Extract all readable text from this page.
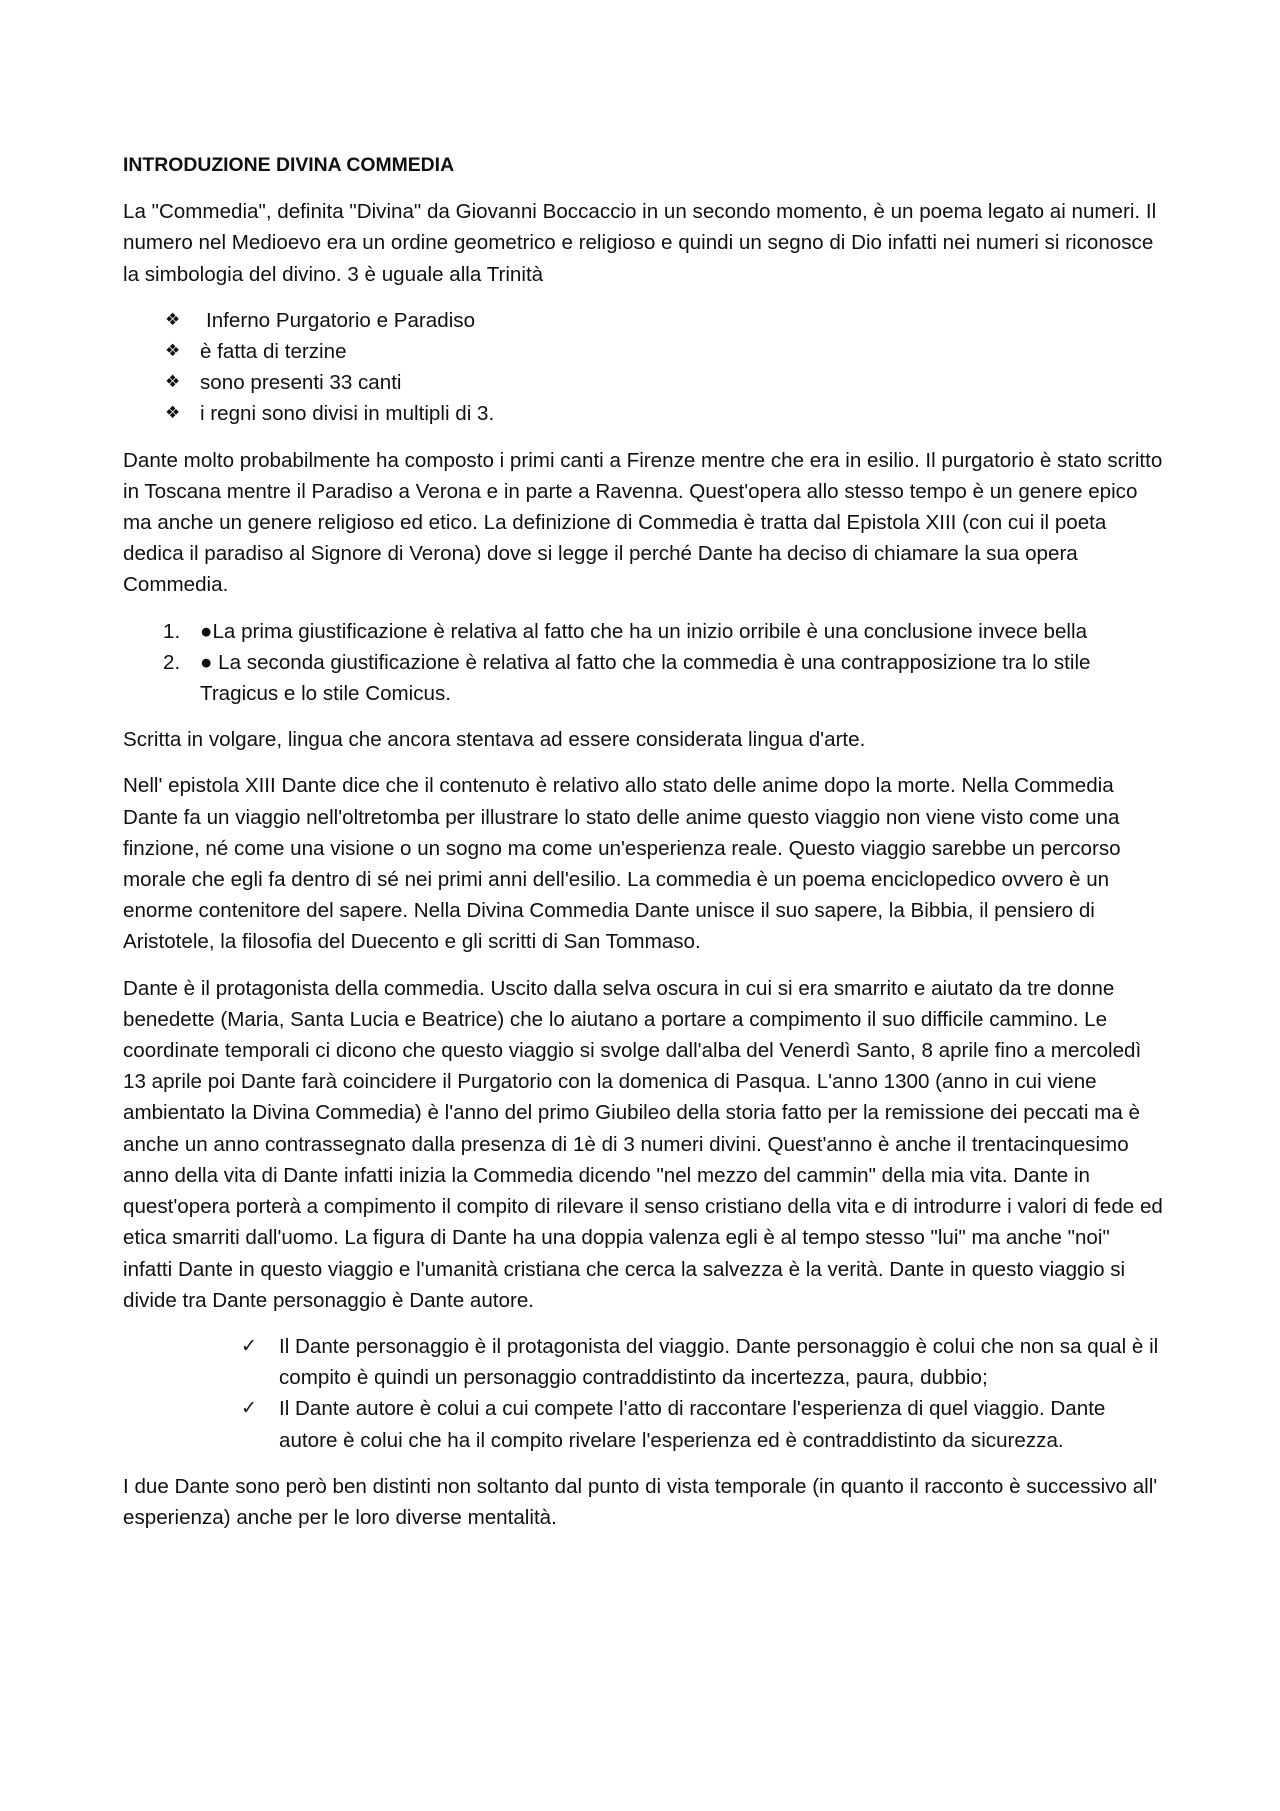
INTRODUZIONE DIVINA COMMEDIA

La "Commedia", definita "Divina" da Giovanni Boccaccio in un secondo momento, è un poema legato ai numeri. Il numero nel Medioevo era un ordine geometrico e religioso e quindi un segno di Dio infatti nei numeri si riconosce la simbologia del divino. 3 è uguale alla Trinità

❖ Inferno Purgatorio e Paradiso
❖ è fatta di terzine
❖ sono presenti 33 canti
❖ i regni sono divisi in multipli di 3.

Dante molto probabilmente ha composto i primi canti a Firenze mentre che era in esilio. Il purgatorio è stato scritto in Toscana mentre il Paradiso a Verona e in parte a Ravenna. Quest'opera allo stesso tempo è un genere epico ma anche un genere religioso ed etico. La definizione di Commedia è tratta dal Epistola XIII (con cui il poeta dedica il paradiso al Signore di Verona) dove si legge il perché Dante ha deciso di chiamare la sua opera Commedia.

1. ●La prima giustificazione è relativa al fatto che ha un inizio orribile è una conclusione invece bella
2. ● La seconda giustificazione è relativa al fatto che la commedia è una contrapposizione tra lo stile Tragicus e lo stile Comicus.

Scritta in volgare, lingua che ancora stentava ad essere considerata lingua d'arte.

Nell' epistola XIII Dante dice che il contenuto è relativo allo stato delle anime dopo la morte. Nella Commedia Dante fa un viaggio nell'oltretomba per illustrare lo stato delle anime questo viaggio non viene visto come una finzione, né come una visione o un sogno ma come un'esperienza reale. Questo viaggio sarebbe un percorso morale che egli fa dentro di sé nei primi anni dell'esilio. La commedia è un poema enciclopedico ovvero è un enorme contenitore del sapere. Nella Divina Commedia Dante unisce il suo sapere, la Bibbia, il pensiero di Aristotele, la filosofia del Duecento e gli scritti di San Tommaso.

Dante è il protagonista della commedia. Uscito dalla selva oscura in cui si era smarrito e aiutato da tre donne benedette (Maria, Santa Lucia e Beatrice) che lo aiutano a portare a compimento il suo difficile cammino. Le coordinate temporali ci dicono che questo viaggio si svolge dall'alba del Venerdì Santo, 8 aprile fino a mercoledì 13 aprile poi Dante farà coincidere il Purgatorio con la domenica di Pasqua. L'anno 1300 (anno in cui viene ambientato la Divina Commedia) è l'anno del primo Giubileo della storia fatto per la remissione dei peccati ma è anche un anno contrassegnato dalla presenza di 1è di 3 numeri divini. Quest'anno è anche il trentacinquesimo anno della vita di Dante infatti inizia la Commedia dicendo "nel mezzo del cammin" della mia vita. Dante in quest'opera porterà a compimento il compito di rilevare il senso cristiano della vita e di introdurre i valori di fede ed etica smarriti dall'uomo. La figura di Dante ha una doppia valenza egli è al tempo stesso "lui" ma anche "noi" infatti Dante in questo viaggio e l'umanità cristiana che cerca la salvezza è la verità. Dante in questo viaggio si divide tra Dante personaggio è Dante autore.

✓ Il Dante personaggio è il protagonista del viaggio. Dante personaggio è colui che non sa qual è il compito è quindi un personaggio contraddistinto da incertezza, paura, dubbio;
✓ Il Dante autore è colui a cui compete l'atto di raccontare l'esperienza di quel viaggio. Dante autore è colui che ha il compito rivelare l'esperienza ed è contraddistinto da sicurezza.

I due Dante sono però ben distinti non soltanto dal punto di vista temporale (in quanto il racconto è successivo all' esperienza) anche per le loro diverse mentalità.
